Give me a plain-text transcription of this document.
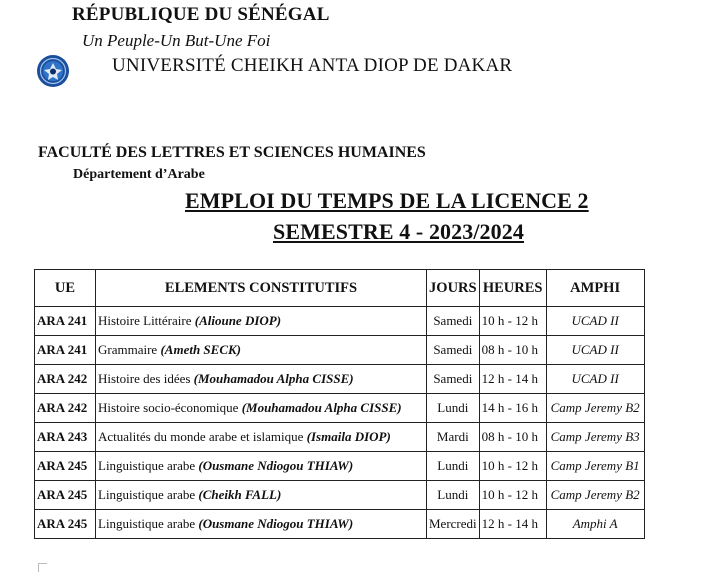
RÉPUBLIQUE DU SÉNÉGAL
Un Peuple-Un But-Une Foi
UNIVERSITÉ CHEIKH ANTA DIOP DE DAKAR
FACULTÉ DES LETTRES ET SCIENCES HUMAINES
Département d’Arabe
EMPLOI DU TEMPS DE LA LICENCE 2
SEMESTRE 4 - 2023/2024
UE	ELEMENTS CONSTITUTIFS	JOURS	HEURES	AMPHI
ARA 241	Histoire Littéraire (Alioune DIOP)	Samedi	10 h - 12 h	UCAD II
ARA 241	Grammaire (Ameth SECK)	Samedi	08 h - 10 h	UCAD II
ARA 242	Histoire des idées (Mouhamadou Alpha CISSE)	Samedi	12 h - 14 h	UCAD II
ARA 242	Histoire socio-économique (Mouhamadou Alpha CISSE)	Lundi	14 h - 16 h	Camp Jeremy B2
ARA 243	Actualités du monde arabe et islamique (Ismaila DIOP)	Mardi	08 h - 10 h	Camp Jeremy B3
ARA 245	Linguistique arabe (Ousmane Ndiogou THIAW)	Lundi	10 h - 12 h	Camp Jeremy B1
ARA 245	Linguistique arabe (Cheikh FALL)	Lundi	10 h - 12 h	Camp Jeremy B2
ARA 245	Linguistique arabe (Ousmane Ndiogou THIAW)	Mercredi	12 h - 14 h	Amphi A
